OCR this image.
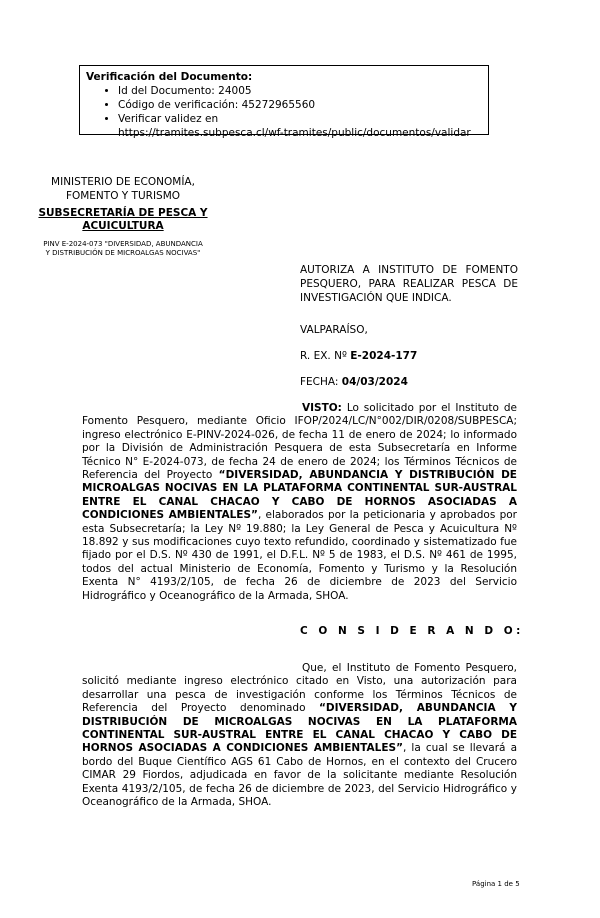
Verificación del Documento:
• Id del Documento: 24005
• Código de verificación: 45272965560
• Verificar validez en
https://tramites.subpesca.cl/wf-tramites/public/documentos/validar
MINISTERIO DE ECONOMÍA,
FOMENTO Y TURISMO
SUBSECRETARÍA DE PESCA Y
ACUICULTURA
PINV E-2024-073 "DIVERSIDAD, ABUNDANCIA
Y DISTRIBUCIÓN DE MICROALGAS NOCIVAS"
AUTORIZA A INSTITUTO DE FOMENTO PESQUERO, PARA REALIZAR PESCA DE INVESTIGACIÓN QUE INDICA.
VALPARAÍSO,
R. EX. Nº E-2024-177
FECHA: 04/03/2024
VISTO: Lo solicitado por el Instituto de Fomento Pesquero, mediante Oficio IFOP/2024/LC/N°002/DIR/0208/SUBPESCA; ingreso electrónico E-PINV-2024-026, de fecha 11 de enero de 2024; lo informado por la División de Administración Pesquera de esta Subsecretaría en Informe Técnico N° E-2024-073, de fecha 24 de enero de 2024; los Términos Técnicos de Referencia del Proyecto “DIVERSIDAD, ABUNDANCIA Y DISTRIBUCIÓN DE MICROALGAS NOCIVAS EN LA PLATAFORMA CONTINENTAL SUR-AUSTRAL ENTRE EL CANAL CHACAO Y CABO DE HORNOS ASOCIADAS A CONDICIONES AMBIENTALES”, elaborados por la peticionaria y aprobados por esta Subsecretaría; la Ley Nº 19.880; la Ley General de Pesca y Acuicultura Nº 18.892 y sus modificaciones cuyo texto refundido, coordinado y sistematizado fue fijado por el D.S. Nº 430 de 1991, el D.F.L. Nº 5 de 1983, el D.S. Nº 461 de 1995, todos del actual Ministerio de Economía, Fomento y Turismo y la Resolución Exenta N° 4193/2/105, de fecha 26 de diciembre de 2023 del Servicio Hidrográfico y Oceanográfico de la Armada, SHOA.
C O N S I D E R A N D O:
Que, el Instituto de Fomento Pesquero, solicitó mediante ingreso electrónico citado en Visto, una autorización para desarrollar una pesca de investigación conforme los Términos Técnicos de Referencia del Proyecto denominado “DIVERSIDAD, ABUNDANCIA Y DISTRIBUCIÓN DE MICROALGAS NOCIVAS EN LA PLATAFORMA CONTINENTAL SUR-AUSTRAL ENTRE EL CANAL CHACAO Y CABO DE HORNOS ASOCIADAS A CONDICIONES AMBIENTALES”, la cual se llevará a bordo del Buque Científico AGS 61 Cabo de Hornos, en el contexto del Crucero CIMAR 29 Fiordos, adjudicada en favor de la solicitante mediante Resolución Exenta 4193/2/105, de fecha 26 de diciembre de 2023, del Servicio Hidrográfico y Oceanográfico de la Armada, SHOA.
Página 1 de 5
